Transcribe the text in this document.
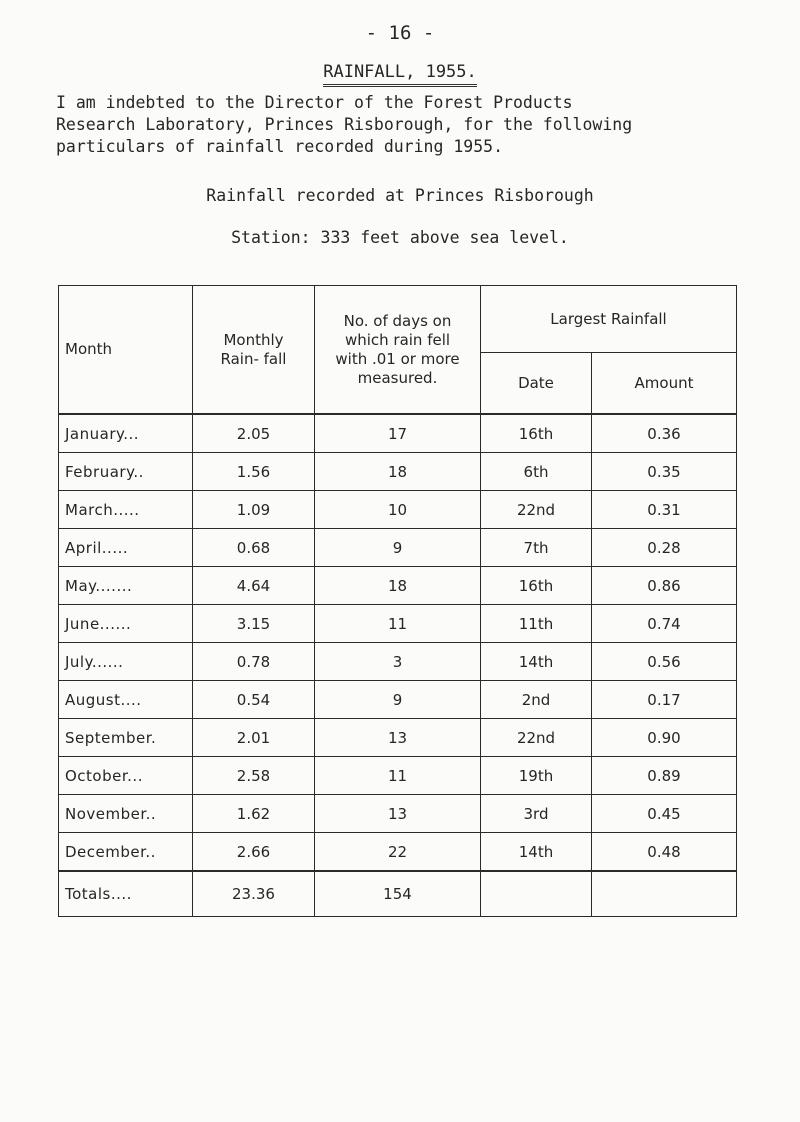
- 16 -
RAINFALL, 1955.
I am indebted to the Director of the Forest Products
Research Laboratory, Princes Risborough, for the following
particulars of rainfall recorded during 1955.
Rainfall recorded at Princes Risborough
Station: 333 feet above sea level.
Month	Monthly Rain- fall	No. of days on which rain fell with .01 or more measured.	Largest Rainfall	
			Date	Amount
January...	2.05	17	16th	0.36
February..	1.56	18	6th	0.35
March.....	1.09	10	22nd	0.31
April.....	0.68	9	7th	0.28
May.......	4.64	18	16th	0.86
June......	3.15	11	11th	0.74
July......	0.78	3	14th	0.56
August....	0.54	9	2nd	0.17
September.	2.01	13	22nd	0.90
October...	2.58	11	19th	0.89
November..	1.62	13	3rd	0.45
December..	2.66	22	14th	0.48
Totals....	23.36	154		
